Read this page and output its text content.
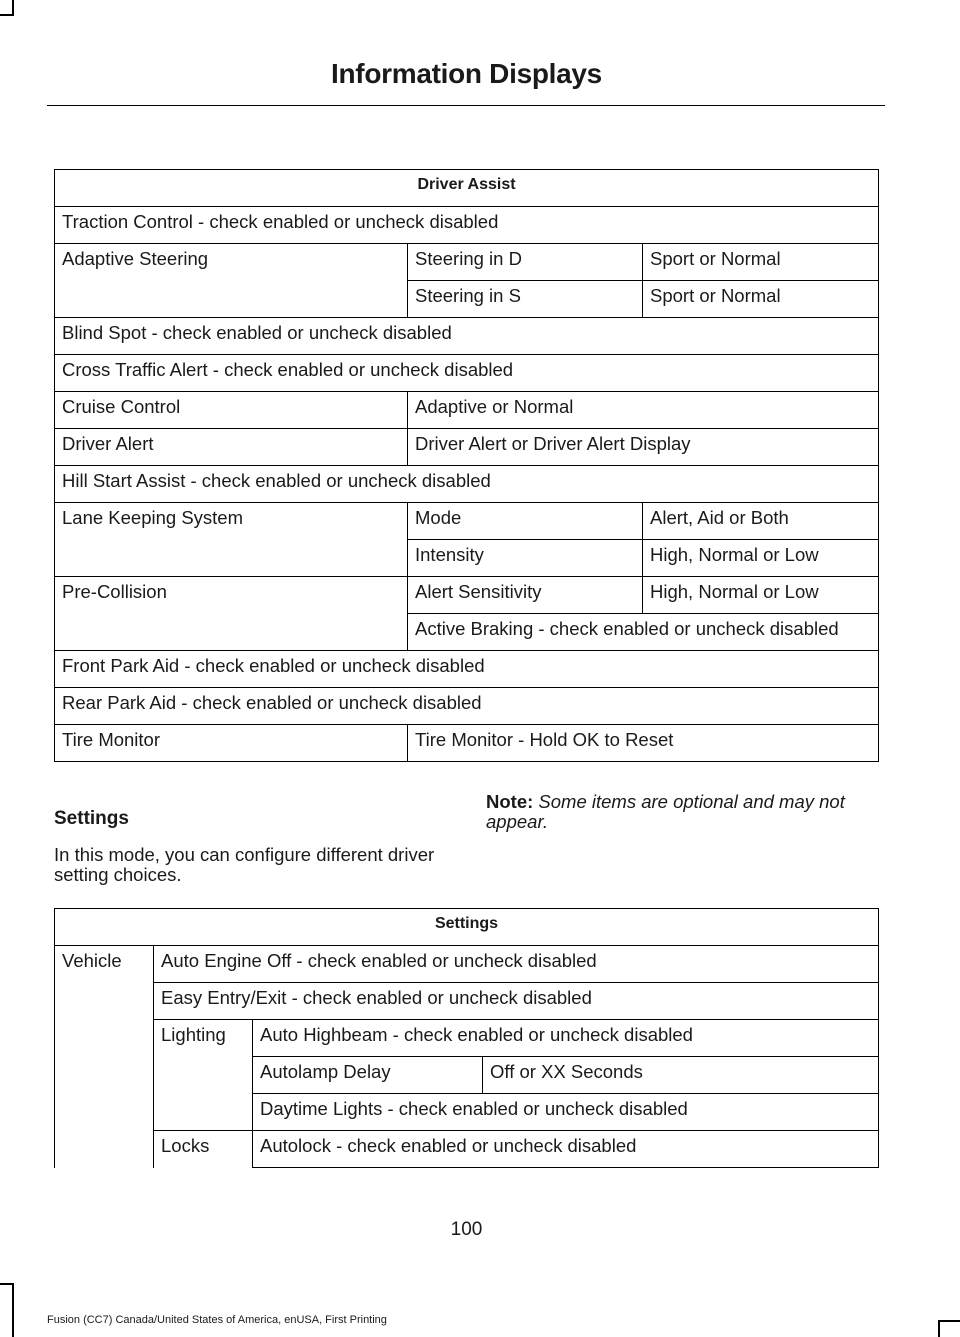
Information Displays
Driver Assist		
Traction Control - check enabled or uncheck disabled		
Adaptive Steering	Steering in D	Sport or Normal
	Steering in S	Sport or Normal
Blind Spot - check enabled or uncheck disabled		
Cross Traffic Alert - check enabled or uncheck disabled		
Cruise Control	Adaptive or Normal	
Driver Alert	Driver Alert or Driver Alert Display	
Hill Start Assist - check enabled or uncheck disabled		
Lane Keeping System	Mode	Alert, Aid or Both
	Intensity	High, Normal or Low
Pre-Collision	Alert Sensitivity	High, Normal or Low
	Active Braking - check enabled or uncheck disabled	
Front Park Aid - check enabled or uncheck disabled		
Rear Park Aid - check enabled or uncheck disabled		
Tire Monitor	Tire Monitor - Hold OK to Reset	
Settings
In this mode, you can configure different driver setting choices.
Note: Some items are optional and may not appear.
Settings			
Vehicle	Auto Engine Off - check enabled or uncheck disabled		
	Easy Entry/Exit - check enabled or uncheck disabled		
	Lighting	Auto Highbeam - check enabled or uncheck disabled	
		Autolamp Delay	Off or XX Seconds
		Daytime Lights - check enabled or uncheck disabled	
	Locks	Autolock - check enabled or uncheck disabled	
100
Fusion (CC7) Canada/United States of America, enUSA, First Printing
